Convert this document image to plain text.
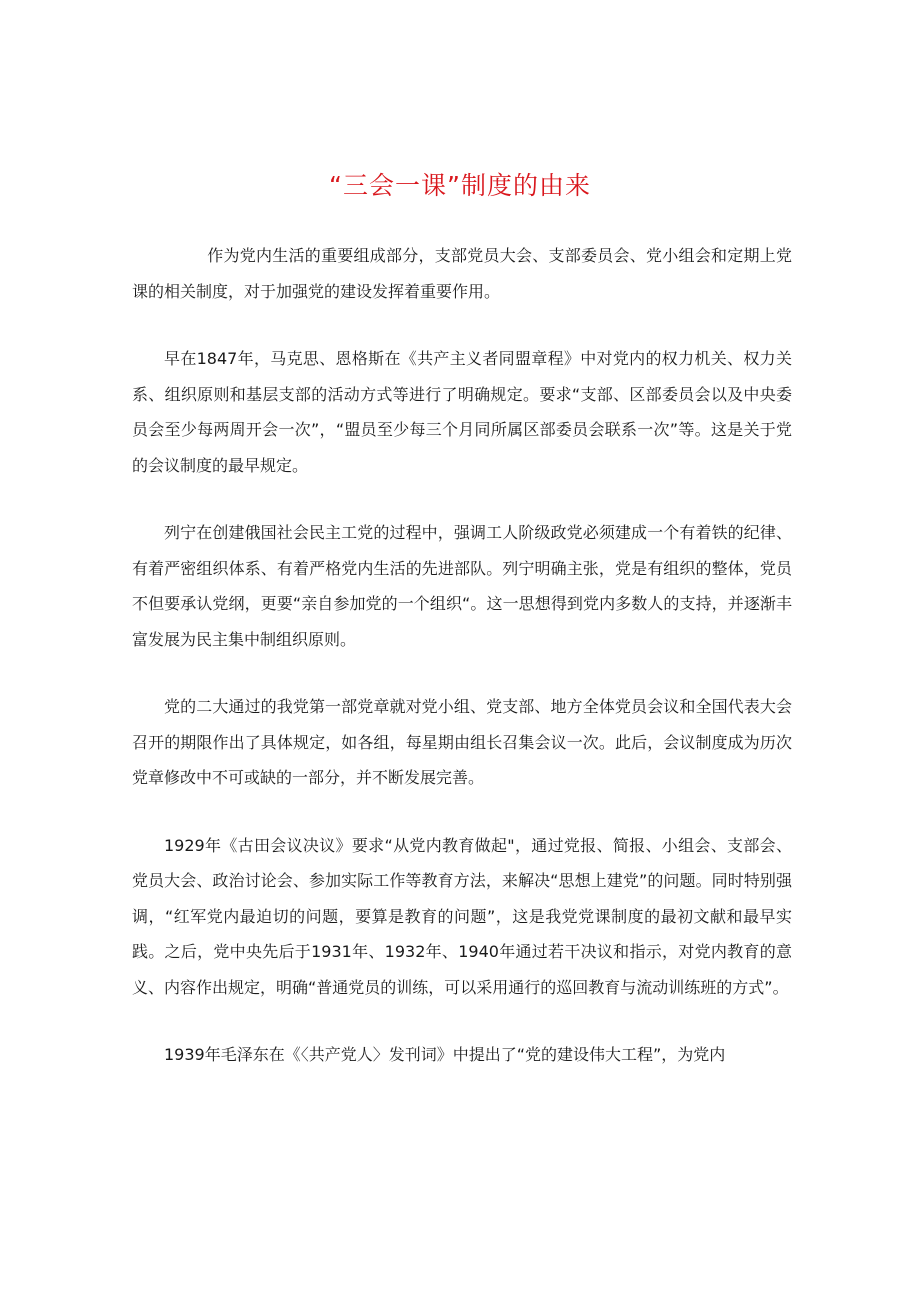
“三会一课”制度的由来

作为党内生活的重要组成部分，支部党员大会、支部委员会、党小组会和定期上党课的相关制度，对于加强党的建设发挥着重要作用。

早在1847年，马克思、恩格斯在《共产主义者同盟章程》中对党内的权力机关、权力关系、组织原则和基层支部的活动方式等进行了明确规定。要求“支部、区部委员会以及中央委员会至少每两周开会一次”，“盟员至少每三个月同所属区部委员会联系一次”等。这是关于党的会议制度的最早规定。

列宁在创建俄国社会民主工党的过程中，强调工人阶级政党必须建成一个有着铁的纪律、有着严密组织体系、有着严格党内生活的先进部队。列宁明确主张，党是有组织的整体，党员不但要承认党纲，更要“亲自参加党的一个组织“。这一思想得到党内多数人的支持，并逐渐丰富发展为民主集中制组织原则。

党的二大通过的我党第一部党章就对党小组、党支部、地方全体党员会议和全国代表大会召开的期限作出了具体规定，如各组，每星期由组长召集会议一次。此后，会议制度成为历次党章修改中不可或缺的一部分，并不断发展完善。

1929年《古田会议决议》要求“从党内教育做起"，通过党报、简报、小组会、支部会、党员大会、政治讨论会、参加实际工作等教育方法，来解决“思想上建党”的问题。同时特别强调，“红军党内最迫切的问题，要算是教育的问题”，这是我党党课制度的最初文献和最早实践。之后，党中央先后于1931年、1932年、1940年通过若干决议和指示，对党内教育的意义、内容作出规定，明确“普通党员的训练，可以采用通行的巡回教育与流动训练班的方式”。

1939年毛泽东在《〈共产党人〉发刊词》中提出了“党的建设伟大工程”，为党内
